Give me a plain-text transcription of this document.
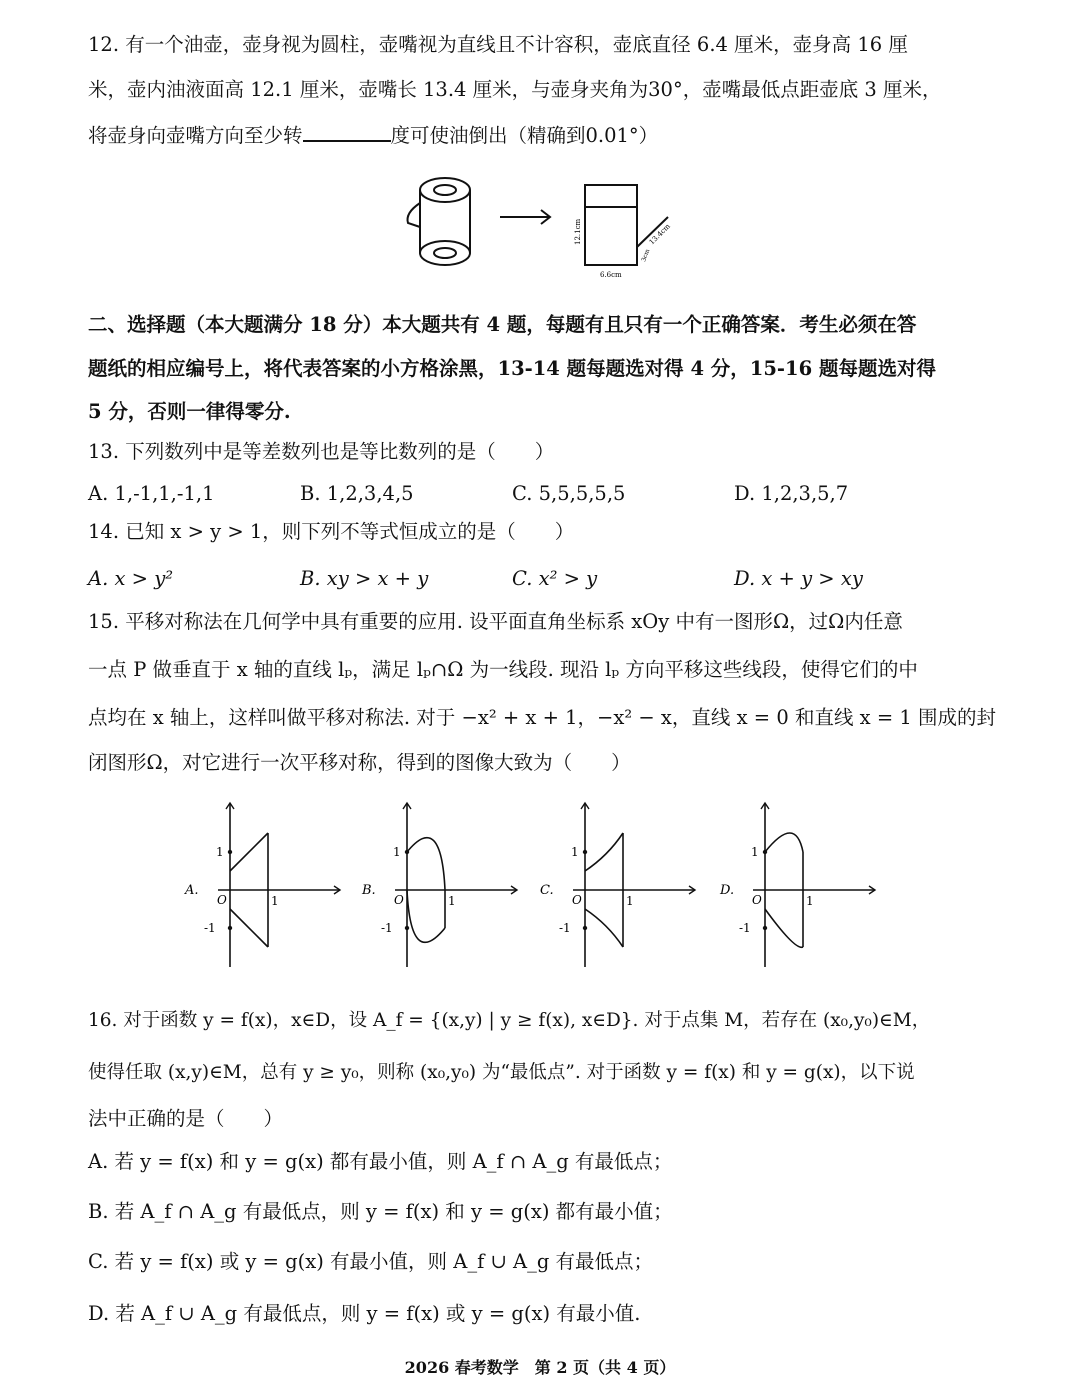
12. 有一个油壶，壶身视为圆柱，壶嘴视为直线且不计容积，壶底直径 6.4 厘米，壶身高 16 厘
米，壶内油液面高 12.1 厘米，壶嘴长 13.4 厘米，与壶身夹角为30°，壶嘴最低点距壶底 3 厘米，
将壶身向壶嘴方向至少转	度可使油倒出（精确到0.01°）
12.1cm	13.4cm
3cm
6.6cm
二、选择题（本大题满分 18 分）本大题共有 4 题，每题有且只有一个正确答案．考生必须在答
题纸的相应编号上，将代表答案的小方格涂黑，13-14 题每题选对得 4 分，15-16 题每题选对得
5 分，否则一律得零分.
13. 下列数列中是等差数列也是等比数列的是（　　）
A. 1,-1,1,-1,1	B. 1,2,3,4,5	C. 5,5,5,5,5	D. 1,2,3,5,7
14. 已知 x > y > 1，则下列不等式恒成立的是（　　）
A. x > y²	B. xy > x + y	C. x² > y	D. x + y > xy
15. 平移对称法在几何学中具有重要的应用. 设平面直角坐标系 xOy 中有一图形Ω，过Ω内任意
一点 P 做垂直于 x 轴的直线 lₚ，满足 lₚ∩Ω 为一线段. 现沿 lₚ 方向平移这些线段，使得它们的中
点均在 x 轴上，这样叫做平移对称法. 对于 −x² + x + 1，−x² − x，直线 x = 0 和直线 x = 1 围成的封
闭图形Ω，对它进行一次平移对称，得到的图像大致为（　　）
1
-1
1
O
A.
1
-1
1
O
B.
1
-1
1
O
C.
1
-1
1
O
D.
16. 对于函数 y = f(x)，x∈D，设 A_f = {(x,y) | y ≥ f(x), x∈D}. 对于点集 M，若存在 (x₀,y₀)∈M，
使得任取 (x,y)∈M，总有 y ≥ y₀，则称 (x₀,y₀) 为“最低点”. 对于函数 y = f(x) 和 y = g(x)，以下说
法中正确的是（　　）
A. 若 y = f(x) 和 y = g(x) 都有最小值，则 A_f ∩ A_g 有最低点；
B. 若 A_f ∩ A_g 有最低点，则 y = f(x) 和 y = g(x) 都有最小值；
C. 若 y = f(x) 或 y = g(x) 有最小值，则 A_f ∪ A_g 有最低点；
D. 若 A_f ∪ A_g 有最低点，则 y = f(x) 或 y = g(x) 有最小值.
2026 春考数学　第 2 页（共 4 页）
